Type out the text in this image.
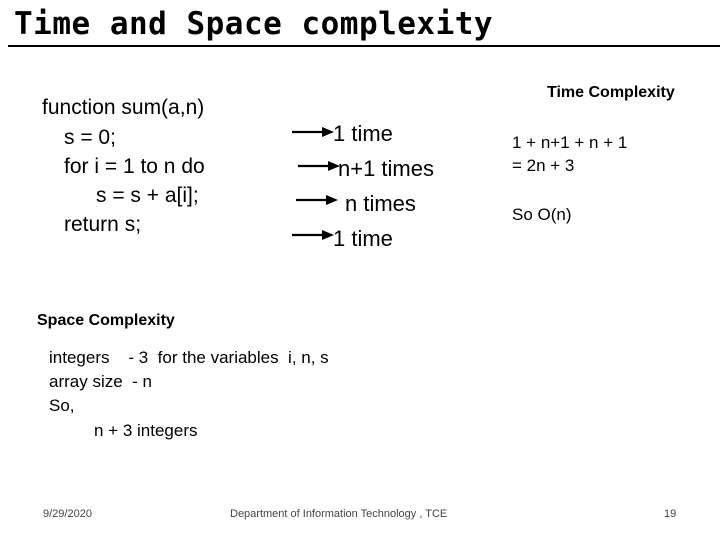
Time and Space complexity
function sum(a,n)
s = 0;
for i = 1 to n do
s = s + a[i];
return s;
1 time
n+1 times
n times
1 time
Time Complexity
1 + n+1 + n + 1
= 2n + 3
So O(n)
Space Complexity
integers    - 3  for the variables  i, n, s
array size  - n
So,
n + 3 integers
9/29/2020	Department of Information Technology , TCE	19
